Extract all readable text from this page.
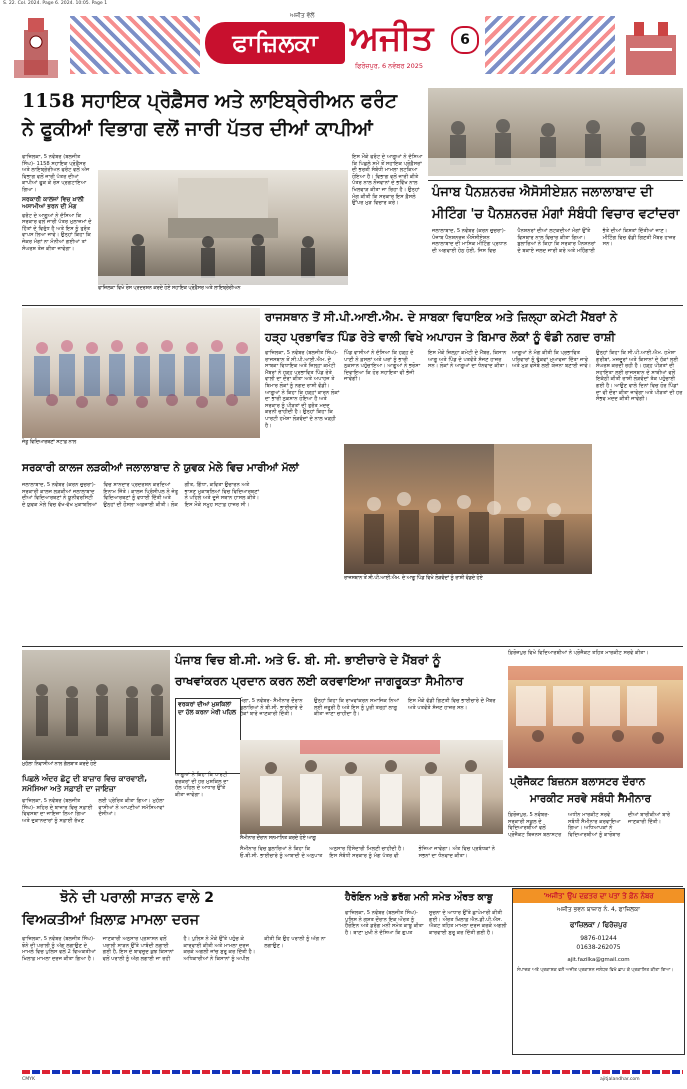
S. 22. Col. 2024. Page 6. 2024. 10:05. Page 1
ਅਜੀਤ ਵੱਲੋਂ
ਫਾਜ਼ਿਲਕਾ ਅਜੀਤ
ਫਿਰੋਜ਼ਪੁਰ, 6 ਨਵੰਬਰ 2025
6
1158 ਸਹਾਇਕ ਪ੍ਰੋਫ਼ੈਸਰ ਅਤੇ ਲਾਇਬ੍ਰੇਰੀਅਨ ਫਰੰਟ
ਨੇ ਫੂਕੀਆਂ ਵਿਭਾਗ ਵਲੋਂ ਜਾਰੀ ਪੱਤਰ ਦੀਆਂ ਕਾਪੀਆਂ
ਪੰਜਾਬ ਪੈਨਸ਼ਨਰਜ਼ ਐਸੋਸੀਏਸ਼ਨ ਜਲਾਲਾਬਾਦ ਦੀ
ਮੀਟਿੰਗ 'ਚ ਪੈਨਸ਼ਨਰਜ਼ ਮੰਗਾਂ ਸੰਬੰਧੀ ਵਿਚਾਰ ਵਟਾਂਦਰਾ

ਫਾਜ਼ਿਲਕਾ, 5 ਨਵੰਬਰ (ਬਲਜੀਤ ਸਿੰਘ)- 1158 ਸਹਾਇਕ ਪ੍ਰੋਫ਼ੈਸਰ ਅਤੇ ਲਾਇਬ੍ਰੇਰੀਅਨ ਫਰੰਟ ਵਲੋਂ ਅੱਜ ਵਿਭਾਗ ਵਲੋਂ ਜਾਰੀ ਪੱਤਰ ਦੀਆਂ ਕਾਪੀਆਂ ਫੂਕ ਕੇ ਰੋਸ ਪ੍ਰਗਟਾਇਆ ਗਿਆ।

ਸਰਕਾਰੀ ਕਾਲਜਾਂ ਵਿਚ ਖ਼ਾਲੀ ਅਸਾਮੀਆਂ ਭਰਨ ਦੀ ਮੰਗ

ਫਰੰਟ ਦੇ ਆਗੂਆਂ ਨੇ ਦੱਸਿਆ ਕਿ ਸਰਕਾਰ ਵਲੋਂ ਜਾਰੀ ਪੱਤਰ ਮੁਲਾਜ਼ਮਾਂ ਦੇ ਹਿੱਤਾਂ ਦੇ ਵਿਰੁੱਧ ਹੈ ਅਤੇ ਇਸ ਨੂੰ ਤੁਰੰਤ ਵਾਪਸ ਲਿਆ ਜਾਵੇ। ਉਨ੍ਹਾਂ ਕਿਹਾ ਕਿ ਜੇਕਰ ਮੰਗਾਂ ਨਾ ਮੰਨੀਆਂ ਗਈਆਂ ਤਾਂ ਸੰਘਰਸ਼ ਤੇਜ਼ ਕੀਤਾ ਜਾਵੇਗਾ।

ਫਾਜ਼ਿਲਕਾ ਵਿਖੇ ਰੋਸ ਪ੍ਰਦਰਸ਼ਨ ਕਰਦੇ ਹੋਏ ਸਹਾਇਕ ਪ੍ਰੋਫ਼ੈਸਰ ਅਤੇ ਲਾਇਬ੍ਰੇਰੀਅਨ

ਇਸ ਮੌਕੇ ਫਰੰਟ ਦੇ ਆਗੂਆਂ ਨੇ ਦੱਸਿਆ ਕਿ ਪਿਛਲੇ ਸਮੇਂ ਤੋਂ ਸਹਾਇਕ ਪ੍ਰੋਫ਼ੈਸਰਾਂ ਦੀ ਭਰਤੀ ਸੰਬੰਧੀ ਮਾਮਲਾ ਲਟਕਿਆ ਹੋਇਆ ਹੈ। ਵਿਭਾਗ ਵਲੋਂ ਜਾਰੀ ਕੀਤੇ ਪੱਤਰ ਨਾਲ ਨੌਜਵਾਨਾਂ ਦੇ ਭਵਿੱਖ ਨਾਲ ਖਿਲਵਾੜ ਕੀਤਾ ਜਾ ਰਿਹਾ ਹੈ। ਉਨ੍ਹਾਂ ਮੰਗ ਕੀਤੀ ਕਿ ਸਰਕਾਰ ਇਸ ਫ਼ੈਸਲੇ ਉੱਪਰ ਮੁੜ ਵਿਚਾਰ ਕਰੇ।

ਜਲਾਲਾਬਾਦ, 5 ਨਵੰਬਰ (ਕਰਨ ਚੁਚਰਾ)- ਪੰਜਾਬ ਪੈਨਸ਼ਨਰਜ਼ ਐਸੋਸੀਏਸ਼ਨ ਜਲਾਲਾਬਾਦ ਦੀ ਮਾਸਿਕ ਮੀਟਿੰਗ ਪ੍ਰਧਾਨ ਦੀ ਅਗਵਾਈ ਹੇਠ ਹੋਈ, ਜਿਸ ਵਿਚ ਪੈਨਸ਼ਨਰਾਂ ਦੀਆਂ ਲਟਕਦੀਆਂ ਮੰਗਾਂ ਉੱਤੇ ਵਿਸਥਾਰ ਨਾਲ ਵਿਚਾਰ ਕੀਤਾ ਗਿਆ। ਬੁਲਾਰਿਆਂ ਨੇ ਕਿਹਾ ਕਿ ਸਰਕਾਰ ਪੈਨਸ਼ਨਰਾਂ ਦੇ ਬਕਾਏ ਜਲਦ ਜਾਰੀ ਕਰੇ ਅਤੇ ਮਹਿੰਗਾਈ ਭੱਤੇ ਦੀਆਂ ਕਿਸ਼ਤਾਂ ਦਿੱਤੀਆਂ ਜਾਣ। ਮੀਟਿੰਗ ਵਿਚ ਵੱਡੀ ਗਿਣਤੀ ਮੈਂਬਰ ਹਾਜ਼ਰ ਸਨ।

ਰਾਜਸਥਾਨ ਤੋਂ ਸੀ.ਪੀ.ਆਈ.ਐਮ. ਦੇ ਸਾਬਕਾ ਵਿਧਾਇਕ ਅਤੇ ਜ਼ਿਲ੍ਹਾ ਕਮੇਟੀ ਮੈਂਬਰਾਂ ਨੇ
ਹੜ੍ਹ ਪ੍ਰਭਾਵਿਤ ਪਿੰਡ ਰੇਤੇ ਵਾਲੀ ਵਿਖੇ ਅਪਾਹਜ ਤੇ ਬਿਮਾਰ ਲੋਕਾਂ ਨੂੰ ਵੰਡੀ ਨਗਦ ਰਾਸ਼ੀ
ਜੇਤੂ ਵਿਦਿਆਰਥਣਾਂ ਸਟਾਫ਼ ਨਾਲ
ਸਰਕਾਰੀ ਕਾਲਜ ਲੜਕੀਆਂ ਜਲਾਲਾਬਾਦ ਨੇ ਯੁਵਕ ਮੇਲੇ ਵਿਚ ਮਾਰੀਆਂ ਮੱਲਾਂ

ਜਲਾਲਾਬਾਦ, 5 ਨਵੰਬਰ (ਕਰਨ ਚੁਚਰਾ)- ਸਰਕਾਰੀ ਕਾਲਜ ਲੜਕੀਆਂ ਜਲਾਲਾਬਾਦ ਦੀਆਂ ਵਿਦਿਆਰਥਣਾਂ ਨੇ ਯੂਨੀਵਰਸਿਟੀ ਦੇ ਯੁਵਕ ਮੇਲੇ ਵਿਚ ਵੱਖ-ਵੱਖ ਮੁਕਾਬਲਿਆਂ ਵਿਚ ਸ਼ਾਨਦਾਰ ਪ੍ਰਦਰਸ਼ਨ ਕਰਦਿਆਂ ਇਨਾਮ ਜਿੱਤੇ। ਕਾਲਜ ਪ੍ਰਿੰਸੀਪਲ ਨੇ ਜੇਤੂ ਵਿਦਿਆਰਥਣਾਂ ਨੂੰ ਵਧਾਈ ਦਿੱਤੀ ਅਤੇ ਉਨ੍ਹਾਂ ਦੀ ਹੌਸਲਾ ਅਫ਼ਜ਼ਾਈ ਕੀਤੀ। ਲੋਕ ਗੀਤ, ਗਿੱਧਾ, ਕਵਿਤਾ ਉਚਾਰਨ ਅਤੇ ਭਾਸ਼ਣ ਮੁਕਾਬਲਿਆਂ ਵਿਚ ਵਿਦਿਆਰਥਣਾਂ ਨੇ ਪਹਿਲੇ ਅਤੇ ਦੂਜੇ ਸਥਾਨ ਹਾਸਲ ਕੀਤੇ। ਇਸ ਮੌਕੇ ਸਮੂਹ ਸਟਾਫ਼ ਹਾਜ਼ਰ ਸੀ।

ਫਾਜ਼ਿਲਕਾ, 5 ਨਵੰਬਰ (ਬਲਜੀਤ ਸਿੰਘ)- ਰਾਜਸਥਾਨ ਤੋਂ ਸੀ.ਪੀ.ਆਈ.ਐਮ. ਦੇ ਸਾਬਕਾ ਵਿਧਾਇਕ ਅਤੇ ਜ਼ਿਲ੍ਹਾ ਕਮੇਟੀ ਮੈਂਬਰਾਂ ਨੇ ਹੜ੍ਹ ਪ੍ਰਭਾਵਿਤ ਪਿੰਡ ਰੇਤੇ ਵਾਲੀ ਦਾ ਦੌਰਾ ਕੀਤਾ ਅਤੇ ਅਪਾਹਜ ਤੇ ਬਿਮਾਰ ਲੋਕਾਂ ਨੂੰ ਨਗਦ ਰਾਸ਼ੀ ਵੰਡੀ। ਆਗੂਆਂ ਨੇ ਕਿਹਾ ਕਿ ਹੜ੍ਹਾਂ ਕਾਰਨ ਲੋਕਾਂ ਦਾ ਭਾਰੀ ਨੁਕਸਾਨ ਹੋਇਆ ਹੈ ਅਤੇ ਸਰਕਾਰ ਨੂੰ ਪੀੜਤਾਂ ਦੀ ਤੁਰੰਤ ਮਦਦ ਕਰਨੀ ਚਾਹੀਦੀ ਹੈ। ਉਨ੍ਹਾਂ ਕਿਹਾ ਕਿ ਪਾਰਟੀ ਹਮੇਸ਼ਾ ਲੋੜਵੰਦਾਂ ਦੇ ਨਾਲ ਖੜ੍ਹੀ ਹੈ।

ਪਿੰਡ ਵਾਸੀਆਂ ਨੇ ਦੱਸਿਆ ਕਿ ਹੜ੍ਹ ਦੇ ਪਾਣੀ ਨੇ ਫ਼ਸਲਾਂ ਅਤੇ ਘਰਾਂ ਨੂੰ ਭਾਰੀ ਨੁਕਸਾਨ ਪਹੁੰਚਾਇਆ। ਆਗੂਆਂ ਨੇ ਭਰੋਸਾ ਦਿਵਾਇਆ ਕਿ ਹੋਰ ਸਹਾਇਤਾ ਵੀ ਭੇਜੀ ਜਾਵੇਗੀ।

ਇਸ ਮੌਕੇ ਜ਼ਿਲ੍ਹਾ ਕਮੇਟੀ ਦੇ ਮੈਂਬਰ, ਕਿਸਾਨ ਆਗੂ ਅਤੇ ਪਿੰਡ ਦੇ ਪਤਵੰਤੇ ਸੱਜਣ ਹਾਜ਼ਰ ਸਨ। ਲੋਕਾਂ ਨੇ ਆਗੂਆਂ ਦਾ ਧੰਨਵਾਦ ਕੀਤਾ।

ਆਗੂਆਂ ਨੇ ਮੰਗ ਕੀਤੀ ਕਿ ਪ੍ਰਭਾਵਿਤ ਪਰਿਵਾਰਾਂ ਨੂੰ ਢੁੱਕਵਾਂ ਮੁਆਵਜ਼ਾ ਦਿੱਤਾ ਜਾਵੇ ਅਤੇ ਮੁੜ ਵਸੇਬੇ ਲਈ ਯੋਜਨਾ ਬਣਾਈ ਜਾਵੇ।

ਉਨ੍ਹਾਂ ਕਿਹਾ ਕਿ ਸੀ.ਪੀ.ਆਈ.ਐਮ. ਹਮੇਸ਼ਾ ਗਰੀਬਾਂ, ਮਜ਼ਦੂਰਾਂ ਅਤੇ ਕਿਸਾਨਾਂ ਦੇ ਹੱਕਾਂ ਲਈ ਸੰਘਰਸ਼ ਕਰਦੀ ਰਹੀ ਹੈ। ਹੜ੍ਹ ਪੀੜਤਾਂ ਦੀ ਸਹਾਇਤਾ ਲਈ ਰਾਜਸਥਾਨ ਦੇ ਸਾਥੀਆਂ ਵਲੋਂ ਇਕੱਠੀ ਕੀਤੀ ਰਾਸ਼ੀ ਲੋੜਵੰਦਾਂ ਤੱਕ ਪਹੁੰਚਾਈ ਗਈ ਹੈ। ਆਉਣ ਵਾਲੇ ਦਿਨਾਂ ਵਿਚ ਹੋਰ ਪਿੰਡਾਂ ਦਾ ਵੀ ਦੌਰਾ ਕੀਤਾ ਜਾਵੇਗਾ ਅਤੇ ਪੀੜਤਾਂ ਦੀ ਹਰ ਸੰਭਵ ਮਦਦ ਕੀਤੀ ਜਾਵੇਗੀ।

ਰਾਜਸਥਾਨ ਤੋਂ ਸੀ.ਪੀ.ਆਈ.ਐਮ. ਦੇ ਆਗੂ ਪਿੰਡ ਵਿਖੇ ਲੋੜਵੰਦਾਂ ਨੂੰ ਰਾਸ਼ੀ ਵੰਡਦੇ ਹੋਏ
ਪੰਜਾਬ ਵਿਚ ਬੀ.ਸੀ. ਅਤੇ ਓ. ਬੀ. ਸੀ. ਭਾਈਚਾਰੇ ਦੇ ਮੈਂਬਰਾਂ ਨੂੰ
ਰਾਖਵਾਂਕਰਨ ਪ੍ਰਦਾਨ ਕਰਨ ਲਈ ਕਰਵਾਇਆ ਜਾਗਰੂਕਤਾ ਸੈਮੀਨਾਰ
ਮੁਹੱਲਾ ਨਿਵਾਸੀਆਂ ਨਾਲ ਗੱਲਬਾਤ ਕਰਦੇ ਹੋਏ
ਪਿਛਲੇ ਅੰਦਰ ਛੋਟੂ ਦੀ ਬਾਜ਼ਾਰ ਵਿਚ ਕਾਰਵਾਈ, ਸਮੱਸਿਆ ਅਤੇ ਸਫ਼ਾਈ ਦਾ ਜਾਇਜ਼ਾ

ਫਾਜ਼ਿਲਕਾ, 5 ਨਵੰਬਰ (ਬਲਜੀਤ ਸਿੰਘ)- ਸ਼ਹਿਰ ਦੇ ਬਾਜ਼ਾਰ ਵਿਚ ਸਫ਼ਾਈ ਵਿਵਸਥਾ ਦਾ ਜਾਇਜ਼ਾ ਲਿਆ ਗਿਆ ਅਤੇ ਦੁਕਾਨਦਾਰਾਂ ਨੂੰ ਸਫ਼ਾਈ ਰੱਖਣ ਲਈ ਪ੍ਰੇਰਿਤ ਕੀਤਾ ਗਿਆ। ਮੁਹੱਲਾ ਵਾਸੀਆਂ ਨੇ ਆਪਣੀਆਂ ਸਮੱਸਿਆਵਾਂ ਦੱਸੀਆਂ।

ਵਰਕਰਾਂ ਦੀਆਂ ਮੁਸ਼ਕਿਲਾਂ ਦਾ ਹੱਲ ਕਰਨਾ ਮੇਰੀ ਪਹਿਲ

ਮੋਗਾ, 5 ਨਵੰਬਰ- ਸੈਮੀਨਾਰ ਦੌਰਾਨ ਬੁਲਾਰਿਆਂ ਨੇ ਬੀ.ਸੀ. ਭਾਈਚਾਰੇ ਦੇ ਹੱਕਾਂ ਬਾਰੇ ਜਾਣਕਾਰੀ ਦਿੱਤੀ।

ਉਨ੍ਹਾਂ ਕਿਹਾ ਕਿ ਰਾਖਵਾਂਕਰਨ ਸਮਾਜਿਕ ਨਿਆਂ ਲਈ ਜ਼ਰੂਰੀ ਹੈ ਅਤੇ ਇਸ ਨੂੰ ਪੂਰੀ ਤਰ੍ਹਾਂ ਲਾਗੂ ਕੀਤਾ ਜਾਣਾ ਚਾਹੀਦਾ ਹੈ।

ਇਸ ਮੌਕੇ ਵੱਡੀ ਗਿਣਤੀ ਵਿਚ ਭਾਈਚਾਰੇ ਦੇ ਮੈਂਬਰ ਅਤੇ ਪਤਵੰਤੇ ਸੱਜਣ ਹਾਜ਼ਰ ਸਨ।

ਸੈਮੀਨਾਰ ਦੌਰਾਨ ਸਨਮਾਨਿਤ ਕਰਦੇ ਹੋਏ ਆਗੂ

ਆਗੂਆਂ ਨੇ ਕਿਹਾ ਕਿ ਪਾਰਟੀ ਵਰਕਰਾਂ ਦੀ ਹਰ ਮੁਸ਼ਕਿਲ ਦਾ ਹੱਲ ਪਹਿਲ ਦੇ ਆਧਾਰ ਉੱਤੇ ਕੀਤਾ ਜਾਵੇਗਾ।

ਸੈਮੀਨਾਰ ਵਿਚ ਬੁਲਾਰਿਆਂ ਨੇ ਕਿਹਾ ਕਿ ਓ.ਬੀ.ਸੀ. ਭਾਈਚਾਰੇ ਨੂੰ ਆਬਾਦੀ ਦੇ ਅਨੁਪਾਤ ਅਨੁਸਾਰ ਹਿੱਸੇਦਾਰੀ ਮਿਲਣੀ ਚਾਹੀਦੀ ਹੈ। ਇਸ ਸੰਬੰਧੀ ਸਰਕਾਰ ਨੂੰ ਮੰਗ ਪੱਤਰ ਵੀ ਭੇਜਿਆ ਜਾਵੇਗਾ। ਅੰਤ ਵਿਚ ਪ੍ਰਬੰਧਕਾਂ ਨੇ ਸਭਨਾਂ ਦਾ ਧੰਨਵਾਦ ਕੀਤਾ।

ਫ਼ਿਰੋਜ਼ਪੁਰ ਵਿਖੇ ਵਿਦਿਆਰਥੀਆਂ ਨੇ ਪ੍ਰੋਜੈਕਟ ਤਹਿਤ ਮਾਰਕੀਟ ਸਰਵੇ ਕੀਤਾ।

ਪ੍ਰੋਜੈਕਟ ਬਿਜ਼ਨਸ ਬਲਾਸਟਰ ਦੌਰਾਨ
ਮਾਰਕੀਟ ਸਰਵੇ ਸਬੰਧੀ ਸੈਮੀਨਾਰ

ਫ਼ਿਰੋਜ਼ਪੁਰ, 5 ਨਵੰਬਰ- ਸਰਕਾਰੀ ਸਕੂਲ ਦੇ ਵਿਦਿਆਰਥੀਆਂ ਵਲੋਂ ਪ੍ਰੋਜੈਕਟ ਬਿਜ਼ਨਸ ਬਲਾਸਟਰ ਅਧੀਨ ਮਾਰਕੀਟ ਸਰਵੇ ਸਬੰਧੀ ਸੈਮੀਨਾਰ ਕਰਵਾਇਆ ਗਿਆ। ਅਧਿਆਪਕਾਂ ਨੇ ਵਿਦਿਆਰਥੀਆਂ ਨੂੰ ਕਾਰੋਬਾਰ ਦੀਆਂ ਬਾਰੀਕੀਆਂ ਬਾਰੇ ਜਾਣਕਾਰੀ ਦਿੱਤੀ।

ਝੋਨੇ ਦੀ ਪਰਾਲੀ ਸਾੜਨ ਵਾਲੇ 2
ਵਿਅਕਤੀਆਂ ਖ਼ਿਲਾਫ਼ ਮਾਮਲਾ ਦਰਜ

ਫਾਜ਼ਿਲਕਾ, 5 ਨਵੰਬਰ (ਬਲਜੀਤ ਸਿੰਘ)- ਝੋਨੇ ਦੀ ਪਰਾਲੀ ਨੂੰ ਅੱਗ ਲਗਾਉਣ ਦੇ ਮਾਮਲੇ ਵਿਚ ਪੁਲਿਸ ਵਲੋਂ 2 ਵਿਅਕਤੀਆਂ ਖ਼ਿਲਾਫ਼ ਮਾਮਲਾ ਦਰਜ ਕੀਤਾ ਗਿਆ ਹੈ। ਜਾਣਕਾਰੀ ਅਨੁਸਾਰ ਪ੍ਰਸ਼ਾਸਨ ਵਲੋਂ ਪਰਾਲੀ ਸਾੜਨ ਉੱਤੇ ਪਾਬੰਦੀ ਲਗਾਈ ਗਈ ਹੈ, ਇਸ ਦੇ ਬਾਵਜੂਦ ਕੁਝ ਕਿਸਾਨਾਂ ਵਲੋਂ ਪਰਾਲੀ ਨੂੰ ਅੱਗ ਲਗਾਈ ਜਾ ਰਹੀ ਹੈ। ਪੁਲਿਸ ਨੇ ਮੌਕੇ ਉੱਤੇ ਪਹੁੰਚ ਕੇ ਕਾਰਵਾਈ ਕੀਤੀ ਅਤੇ ਮਾਮਲਾ ਦਰਜ ਕਰਕੇ ਅਗਲੀ ਜਾਂਚ ਸ਼ੁਰੂ ਕਰ ਦਿੱਤੀ ਹੈ। ਅਧਿਕਾਰੀਆਂ ਨੇ ਕਿਸਾਨਾਂ ਨੂੰ ਅਪੀਲ ਕੀਤੀ ਕਿ ਉਹ ਪਰਾਲੀ ਨੂੰ ਅੱਗ ਨਾ ਲਗਾਉਣ।

ਹੈਰੋਇਨ ਅਤੇ ਡਰੱਗ ਮਨੀ ਸਮੇਤ ਔਰਤ ਕਾਬੂ

ਫਾਜ਼ਿਲਕਾ, 5 ਨਵੰਬਰ (ਬਲਜੀਤ ਸਿੰਘ)- ਪੁਲਿਸ ਨੇ ਗਸ਼ਤ ਦੌਰਾਨ ਇਕ ਔਰਤ ਨੂੰ ਹੈਰੋਇਨ ਅਤੇ ਡਰੱਗ ਮਨੀ ਸਮੇਤ ਕਾਬੂ ਕੀਤਾ ਹੈ। ਥਾਣਾ ਮੁਖੀ ਨੇ ਦੱਸਿਆ ਕਿ ਗੁਪਤ ਸੂਚਨਾ ਦੇ ਆਧਾਰ ਉੱਤੇ ਛਾਪੇਮਾਰੀ ਕੀਤੀ ਗਈ। ਔਰਤ ਖ਼ਿਲਾਫ਼ ਐਨ.ਡੀ.ਪੀ.ਐਸ. ਐਕਟ ਤਹਿਤ ਮਾਮਲਾ ਦਰਜ ਕਰਕੇ ਅਗਲੀ ਕਾਰਵਾਈ ਸ਼ੁਰੂ ਕਰ ਦਿੱਤੀ ਗਈ ਹੈ।

'ਅਜੀਤ' ਉਪ ਦਫ਼ਤਰ ਦਾ ਪਤਾ ਤੇ ਫ਼ੋਨ ਨੰਬਰ
ਅਜੀਤ ਭਵਨ ਬਾਜ਼ਾਰ ਨੰ. 4, ਫਾਜ਼ਿਲਕਾ
ਫਾਜ਼ਿਲਕਾ / ਫਿਰੋਜ਼ਪੁਰ
9876-01244
01638-262075
ajit.fazilka@gmail.com
ਸੰਪਾਦਕ ਅਤੇ ਪ੍ਰਕਾਸ਼ਕ ਵਲੋਂ ਅਜੀਤ ਪ੍ਰਕਾਸ਼ਨ ਜਲੰਧਰ ਵਿਖੇ ਛਾਪ ਕੇ ਪ੍ਰਕਾਸ਼ਿਤ ਕੀਤਾ ਗਿਆ।
CMYK	ajitjalandhar.com
